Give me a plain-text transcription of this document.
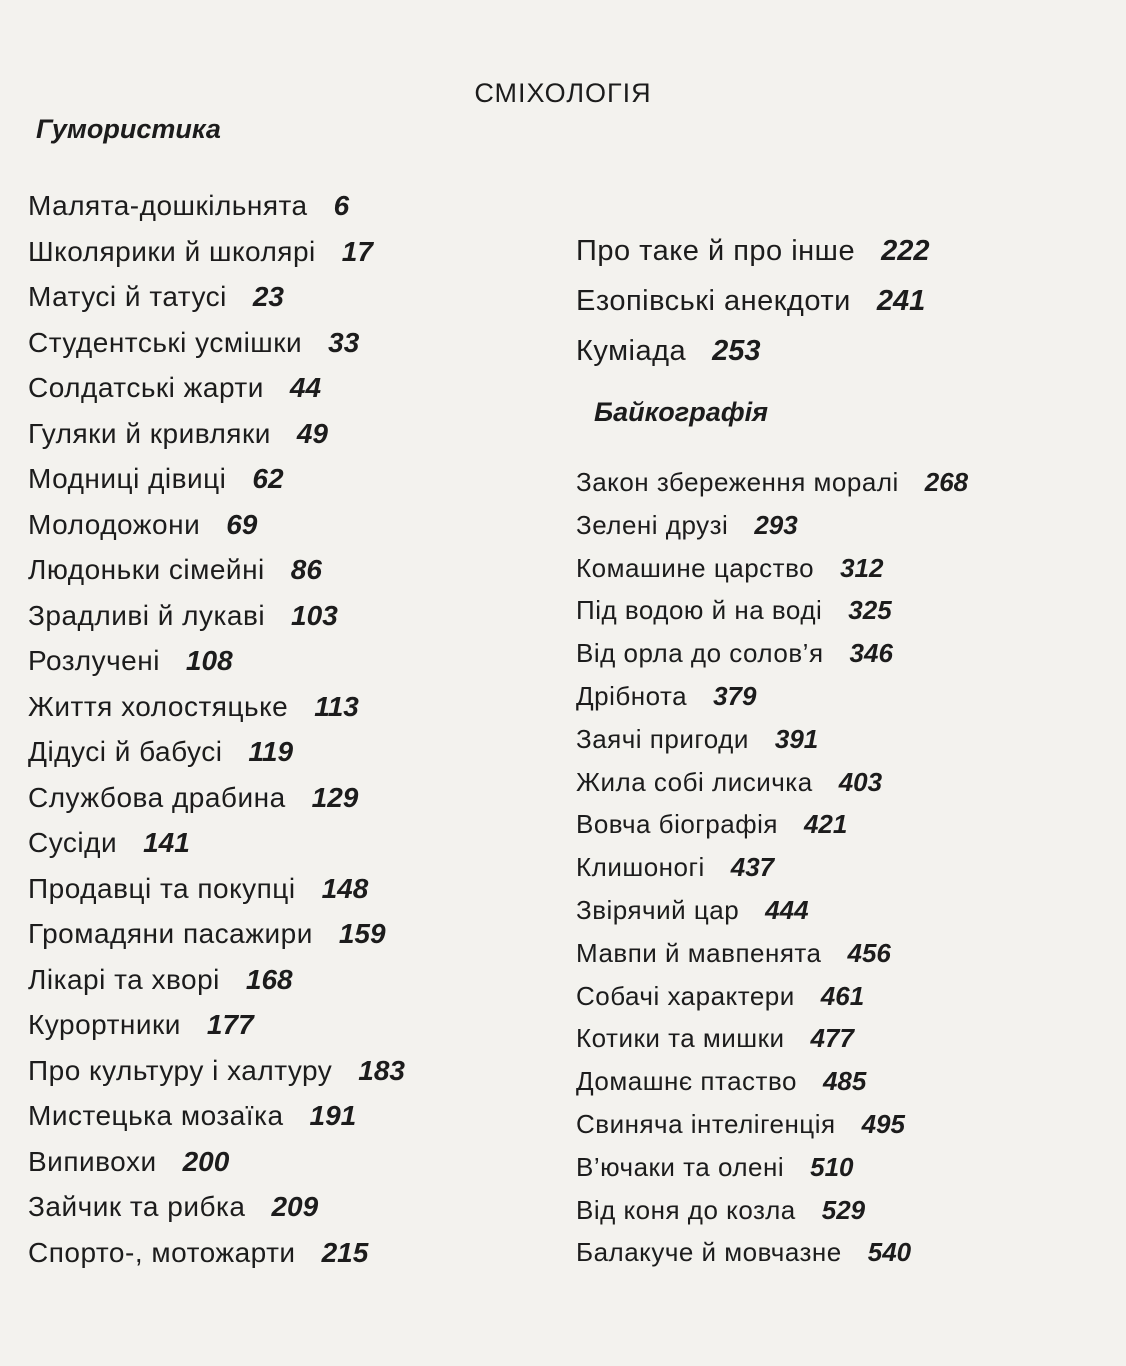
СМІХОЛОГІЯ
Гумористика
Малята-дошкільнята 6
Школярики й школярі 17
Матусі й татусі 23
Студентські усмішки 33
Солдатські жарти 44
Гуляки й кривляки 49
Модниці дівиці 62
Молодожони 69
Людоньки сімейні 86
Зрадливі й лукаві 103
Розлучені 108
Життя холостяцьке 113
Дідусі й бабусі 119
Службова драбина 129
Сусіди 141
Продавці та покупці 148
Громадяни пасажири 159
Лікарі та хворі 168
Курортники 177
Про культуру і халтуру 183
Мистецька мозаїка 191
Випивохи 200
Зайчик та рибка 209
Спорто-, мотожарти 215
Про таке й про інше 222
Езопівські анекдоти 241
Куміада 253
Байкографія
Закон збереження моралі 268
Зелені друзі 293
Комашине царство 312
Під водою й на воді 325
Від орла до солов’я 346
Дрібнота 379
Заячі пригоди 391
Жила собі лисичка 403
Вовча біографія 421
Клишоногі 437
Звірячий цар 444
Мавпи й мавпенята 456
Собачі характери 461
Котики та мишки 477
Домашнє птаство 485
Свиняча інтелігенція 495
В’ючаки та олені 510
Від коня до козла 529
Балакуче й мовчазне 540
